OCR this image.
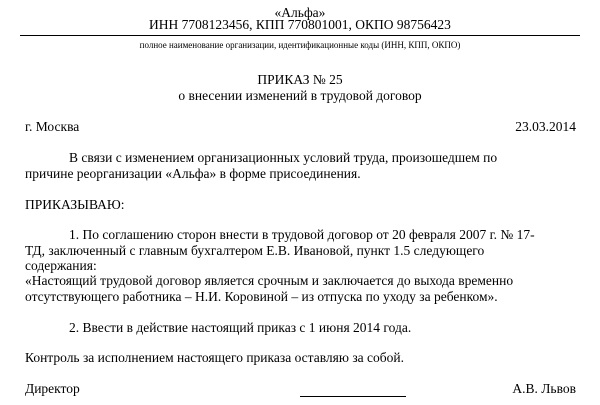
«Альфа»
ИНН 7708123456, КПП 770801001, ОКПО 98756423
полное наименование организации, идентификационные коды (ИНН, КПП, ОКПО)
ПРИКАЗ № 25
о внесении изменений в трудовой договор
г. Москва	23.03.2014
В связи с изменением организационных условий труда, произошедшем по
причине реорганизации «Альфа» в форме присоединения.
ПРИКАЗЫВАЮ:
1. По соглашению сторон внести в трудовой договор от 20 февраля 2007 г. № 17-
ТД, заключенный с главным бухгалтером Е.В. Ивановой, пункт 1.5 следующего
содержания:
«Настоящий трудовой договор является срочным и заключается до выхода временно
отсутствующего работника – Н.И. Коровиной – из отпуска по уходу за ребенком».
2. Ввести в действие настоящий приказ с 1 июня 2014 года.
Контроль за исполнением настоящего приказа оставляю за собой.
Директор	А.В. Львов
